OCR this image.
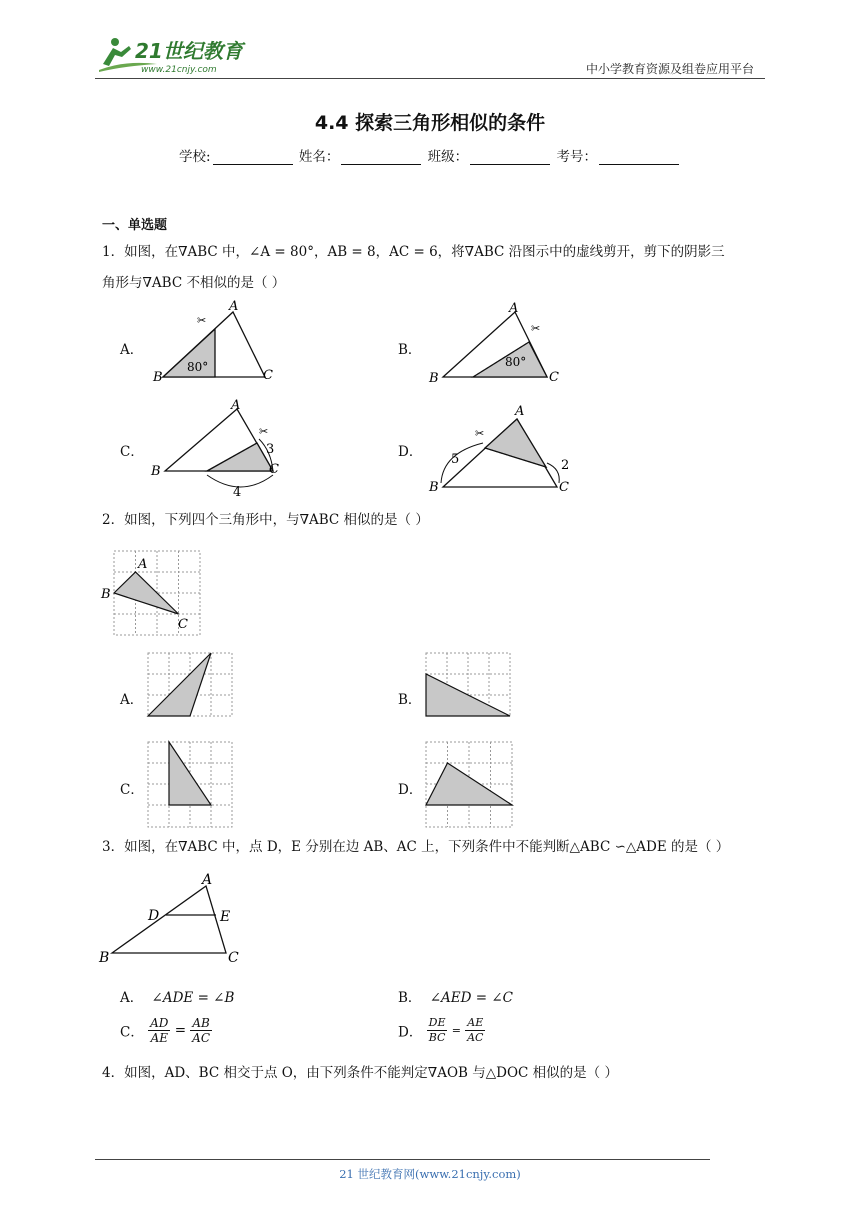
21世纪教育
www.21cnjy.com	中小学教育资源及组卷应用平台
4.4 探索三角形相似的条件
学校:	姓名：	班级：	考号：
一、单选题
1．如图，在∇ABC 中，∠A = 80°，AB = 8，AC = 6，将∇ABC 沿图示中的虚线剪开，剪下的阴影三
角形与∇ABC 不相似的是（ ）
A．
B
A
C
80°
✂
B．
B
A
C
80°
✂
C．
B
A
C
3
4
✂
D．
B
A
C
5	2
✂
2．如图，下列四个三角形中，与∇ABC 相似的是（ ）
B
A
C
A．	B．
C．	D．
3．如图，在∇ABC 中，点 D，E 分别在边 AB、AC 上，下列条件中不能判断△ABC ∽△ADE 的是（ ）
B
A
C
D	E
A． ∠ADE = ∠B	B． ∠AED = ∠C
C． $\frac{AD}{AE} = \frac{AB}{AC}$	D． $\frac{DE}{BC} = \frac{AE}{AC}$
4．如图，AD、BC 相交于点 O，由下列条件不能判定∇AOB 与△DOC 相似的是（ ）
21 世纪教育网(www.21cnjy.com)
